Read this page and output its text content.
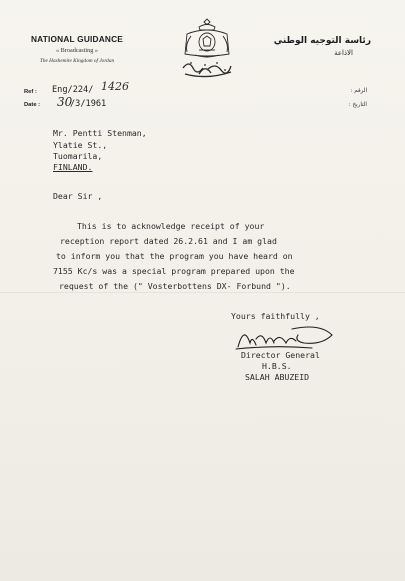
NATIONAL GUIDANCE
« Broadcasting »
The Hashemite Kingdom of Jordan
رئاسة التوجيه الوطني
الاذاعة
Ref : Eng/224/ 1426
Date : 30
/3/1961
: الرقم
: التاريخ
Mr. Pentti Stenman,
Ylatie St.,
Tuomarila,
FINLAND.
Dear Sir ,
This is to acknowledge receipt of your
reception report dated 26.2.61 and I am glad
to inform you that the program you have heard on
7155 Kc/s was a special program prepared upon the
request of the (" Vosterbottens DX- Forbund ").
Yours faithfully ,
Director General
H.B.S.
SALAH ABUZEID
